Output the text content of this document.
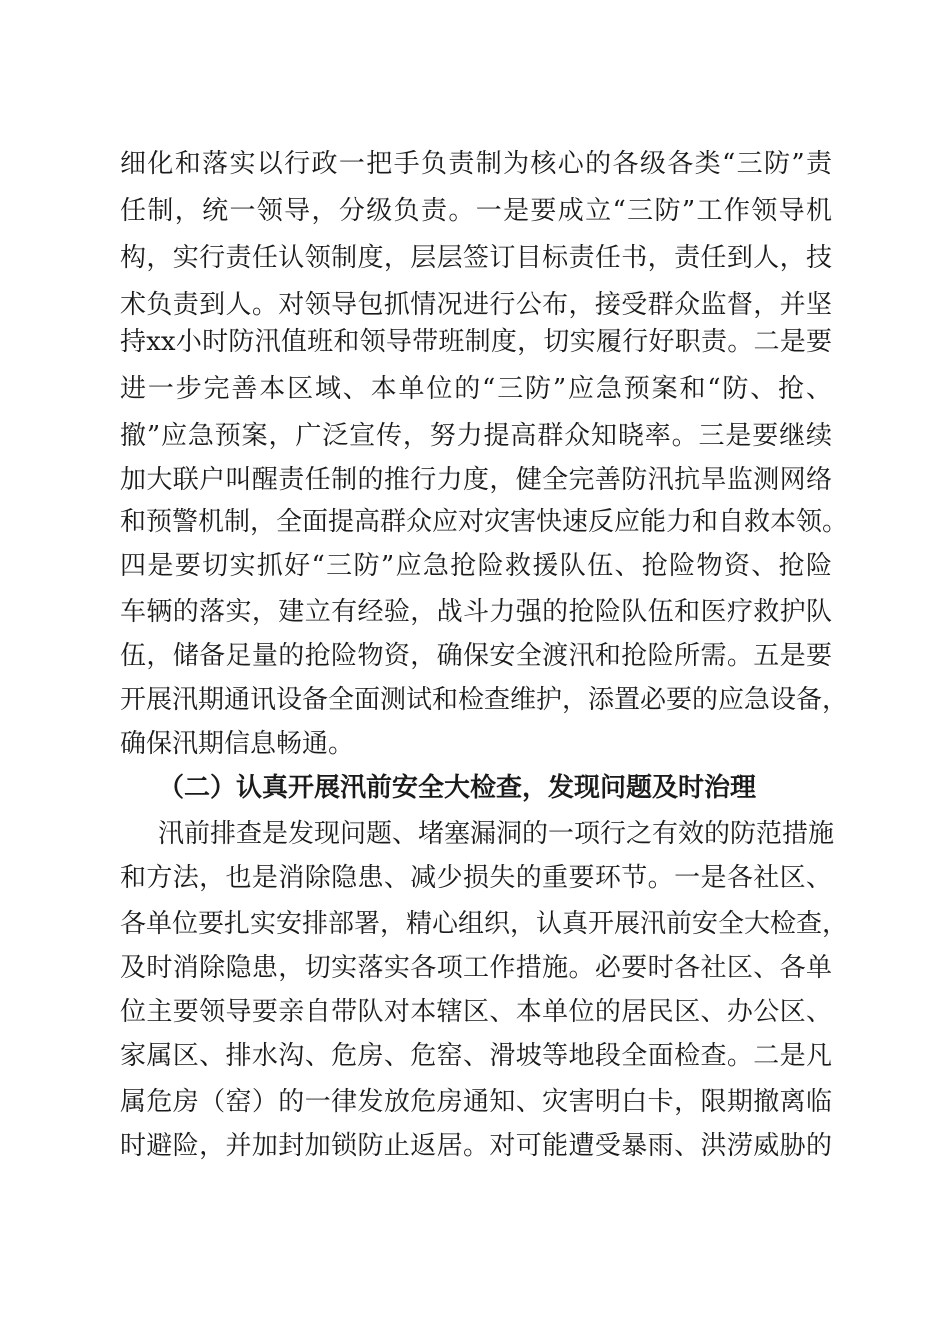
细化和落实以行政一把手负责制为核心的各级各类“三防”责
任制，统一领导，分级负责。一是要成立“三防”工作领导机
构，实行责任认领制度，层层签订目标责任书，责任到人，技
术负责到人。对领导包抓情况进行公布，接受群众监督，并坚
持xx小时防汛值班和领导带班制度，切实履行好职责。二是要
进一步完善本区域、本单位的“三防”应急预案和“防、抢、
撤”应急预案，广泛宣传，努力提高群众知晓率。三是要继续
加大联户叫醒责任制的推行力度，健全完善防汛抗旱监测网络
和预警机制，全面提高群众应对灾害快速反应能力和自救本领。
四是要切实抓好“三防”应急抢险救援队伍、抢险物资、抢险
车辆的落实，建立有经验，战斗力强的抢险队伍和医疗救护队
伍，储备足量的抢险物资，确保安全渡汛和抢险所需。五是要
开展汛期通讯设备全面测试和检查维护，添置必要的应急设备，
确保汛期信息畅通。
（二）认真开展汛前安全大检查，发现问题及时治理
汛前排查是发现问题、堵塞漏洞的一项行之有效的防范措施
和方法，也是消除隐患、减少损失的重要环节。一是各社区、
各单位要扎实安排部署，精心组织，认真开展汛前安全大检查，
及时消除隐患，切实落实各项工作措施。必要时各社区、各单
位主要领导要亲自带队对本辖区、本单位的居民区、办公区、
家属区、排水沟、危房、危窑、滑坡等地段全面检查。二是凡
属危房（窑）的一律发放危房通知、灾害明白卡，限期撤离临
时避险，并加封加锁防止返居。对可能遭受暴雨、洪涝威胁的
